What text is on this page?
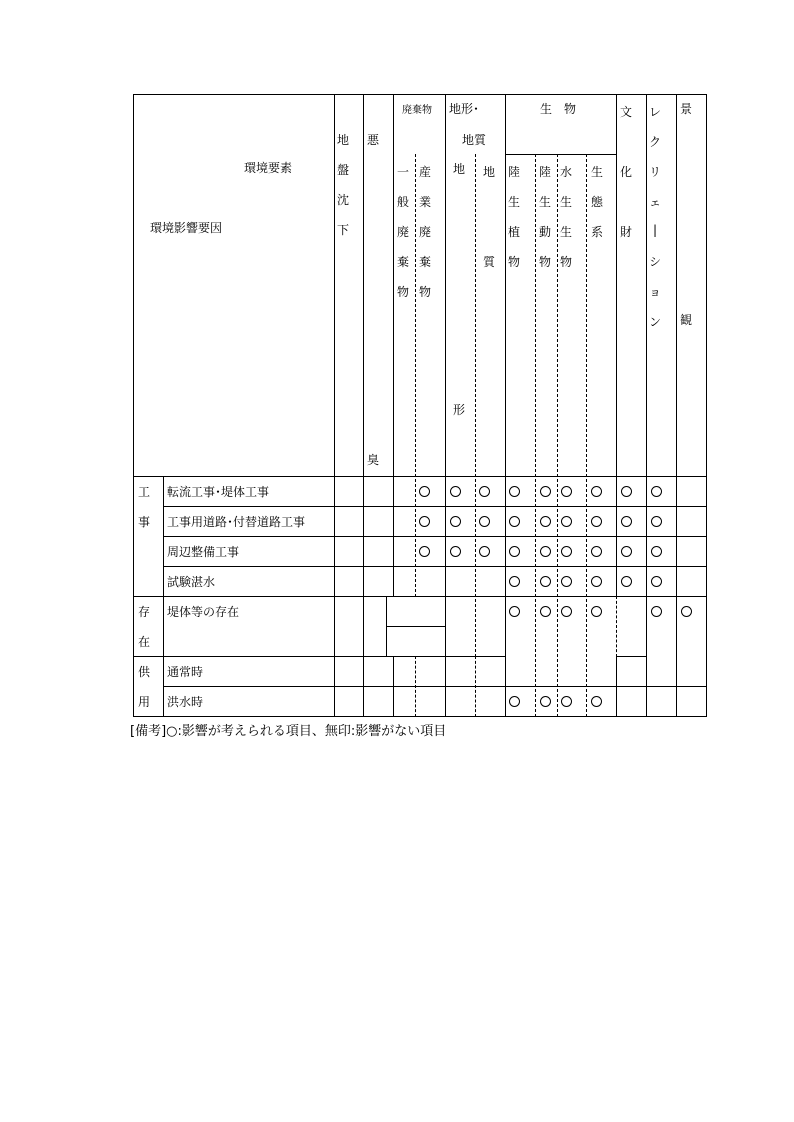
環境要素
環境影響要因
地
盤
沈
下
悪
臭
廃棄物
一
般
廃
棄
物
産
業
廃
棄
物
地形･
地質
地
形
地
質
生　物
陸
生
植
物
陸
生
動
物
水
生
生
物
生
態
系
文
化
財
レ
ク
リ
ェ
|
シ
ョ
ン
景
観
工
事
存
在
供
用
転流工事･堤体工事
工事用道路･付替道路工事
周辺整備工事
試験湛水
堤体等の存在
通常時
洪水時
[備考]○:影響が考えられる項目、無印:影響がない項目
